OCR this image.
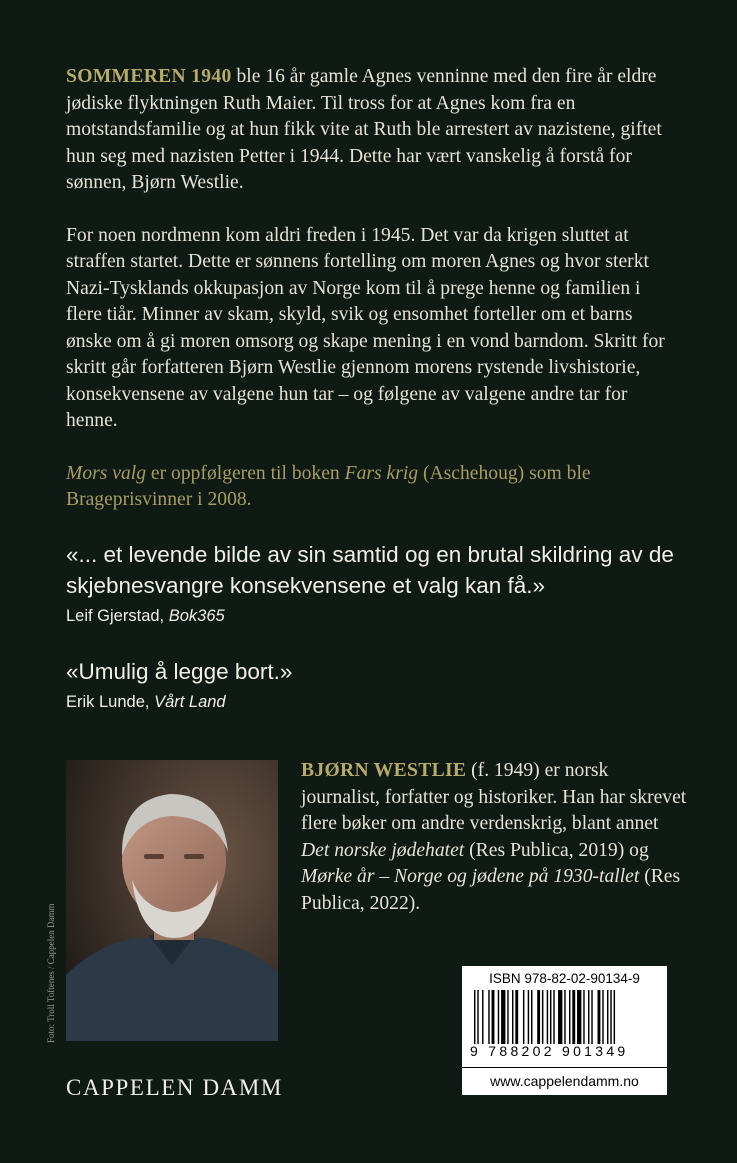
SOMMEREN 1940 ble 16 år gamle Agnes venninne med den fire år eldre jødiske flyktningen Ruth Maier. Til tross for at Agnes kom fra en motstandsfamilie og at hun fikk vite at Ruth ble arrestert av nazistene, giftet hun seg med nazisten Petter i 1944. Dette har vært vanskelig å forstå for sønnen, Bjørn Westlie.

For noen nordmenn kom aldri freden i 1945. Det var da krigen sluttet at straffen startet. Dette er sønnens fortelling om moren Agnes og hvor sterkt Nazi-Tysklands okkupasjon av Norge kom til å prege henne og familien i flere tiår. Minner av skam, skyld, svik og ensomhet forteller om et barns ønske om å gi moren omsorg og skape mening i en vond barndom. Skritt for skritt går forfatteren Bjørn Westlie gjennom morens rystende livshistorie, konsekvensene av valgene hun tar – og følgene av valgene andre tar for henne.

Mors valg er oppfølgeren til boken Fars krig (Aschehoug) som ble Brageprisvinner i 2008.

«... et levende bilde av sin samtid og en brutal skildring av de skjebnesvangre konsekvensene et valg kan få.»
Leif Gjerstad, Bok365
«Umulig å legge bort.»
Erik Lunde, Vårt Land
Foto: Troll Toftenes / Cappelen Damm
BJØRN WESTLIE (f. 1949) er norsk journalist, forfatter og historiker. Han har skrevet flere bøker om andre verdenskrig, blant annet Det norske jødehatet (Res Publica, 2019) og Mørke år – Norge og jødene på 1930-tallet (Res Publica, 2022).
CAPPELEN DAMM
ISBN 978-82-02-90134-9
9 788202 901349
www.cappelendamm.no
